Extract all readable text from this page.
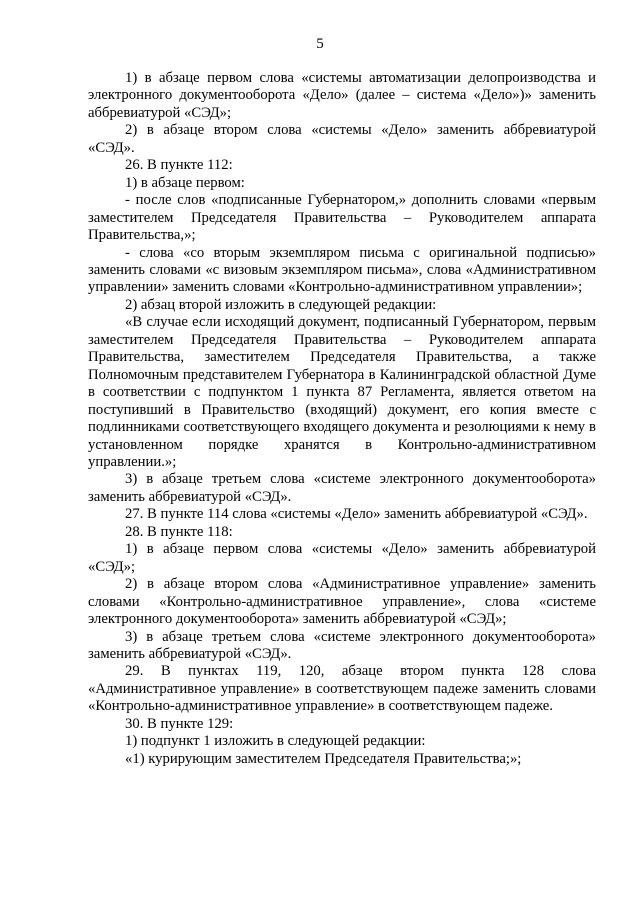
5

1) в абзаце первом слова «системы автоматизации делопроизводства и электронного документооборота «Дело» (далее – система «Дело»)» заменить аббревиатурой «СЭД»;

2) в абзаце втором слова «системы «Дело» заменить аббревиатурой «СЭД».

26. В пункте 112:

1) в абзаце первом:

- после слов «подписанные Губернатором,» дополнить словами «первым заместителем Председателя Правительства – Руководителем аппарата Правительства,»;

- слова «со вторым экземпляром письма с оригинальной подписью» заменить словами «с визовым экземпляром письма», слова «Административном управлении» заменить словами «Контрольно-административном управлении»;

2) абзац второй изложить в следующей редакции:

«В случае если исходящий документ, подписанный Губернатором, первым заместителем Председателя Правительства – Руководителем аппарата Правительства, заместителем Председателя Правительства, а также Полномочным представителем Губернатора в Калининградской областной Думе в соответствии с подпунктом 1 пункта 87 Регламента, является ответом на поступивший в Правительство (входящий) документ, его копия вместе с подлинниками соответствующего входящего документа и резолюциями к нему в установленном порядке хранятся в Контрольно-административном управлении.»;

3) в абзаце третьем слова «системе электронного документооборота» заменить аббревиатурой «СЭД».

27. В пункте 114 слова «системы «Дело» заменить аббревиатурой «СЭД».

28. В пункте 118:

1) в абзаце первом слова «системы «Дело» заменить аббревиатурой «СЭД»;

2) в абзаце втором слова «Административное управление» заменить словами «Контрольно-административное управление», слова «системе электронного документооборота» заменить аббревиатурой «СЭД»;

3) в абзаце третьем слова «системе электронного документооборота» заменить аббревиатурой «СЭД».

29. В пунктах 119, 120, абзаце втором пункта 128 слова «Административное управление» в соответствующем падеже заменить словами «Контрольно-административное управление» в соответствующем падеже.

30. В пункте 129:

1) подпункт 1 изложить в следующей редакции:

«1) курирующим заместителем Председателя Правительства;»;
